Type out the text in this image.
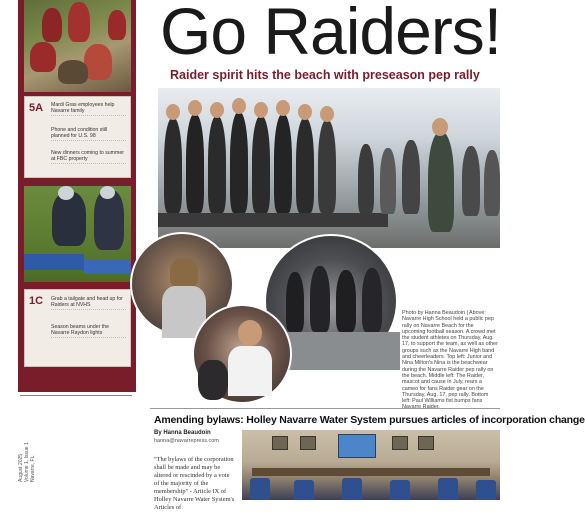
5A Mardi Gras employees help Navarre family
Phone and condition still planned for U.S. 98
New dinners coming to summer at FBC property
1C Grab a tailgate and head up for Raiders at NVHS
Season beams under the Navarre Raydon lights
August 2025 Volume 1, Issue 1 Navarre, FL
Go Raiders!
Raider spirit hits the beach with preseason pep rally

Photo by Hanna Beaudoin | Above: Navarre High School held a public pep rally on Navarre Beach for the upcoming football season. A crowd met the student athletes on Thursday, Aug. 17, to support the team, as well as other groups such as the Navarre High band and cheerleaders. Top left: Junior and Nina Milton's Nina is the beachwear during the Navarre Raider pep rally on the beach. Middle left: The Raider, mascot and cause in July, rears a cameo for fans Raider gear on the Thursday, Aug. 17, pep rally. Bottom left: Paul Williams fist bumps fans

Amending bylaws: Holley Navarre Water System pursues articles of incorporation change
By Hanna Beaudoin
hanna@navarrepress.com

"The bylaws of the corporation shall be made and may be altered or rescinded by a vote of the majority of the membership" - Article IX of Holley Navarre Water System's Articles of
